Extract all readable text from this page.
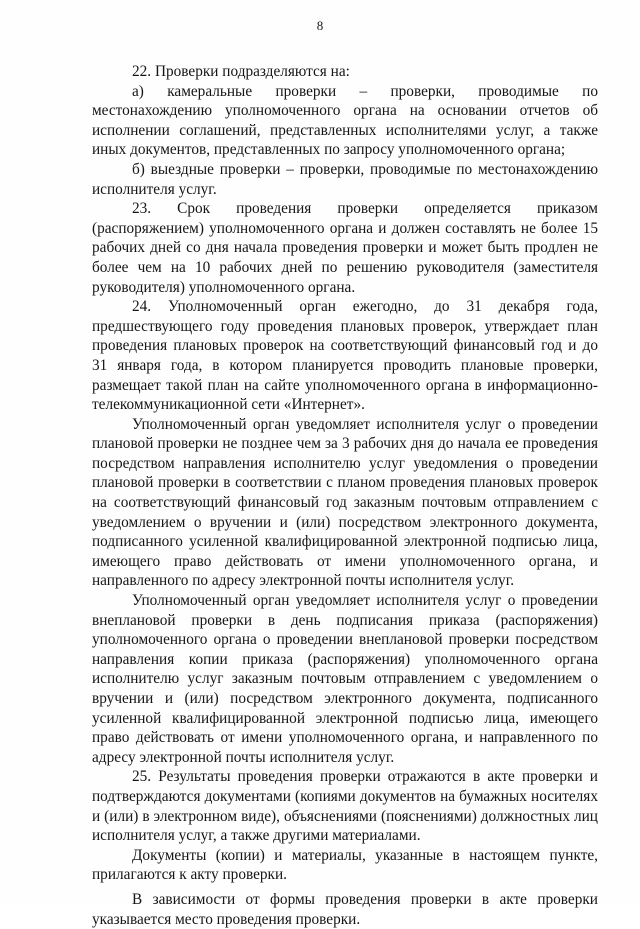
8

22. Проверки подразделяются на:

а) камеральные проверки – проверки, проводимые по местонахождению уполномоченного органа на основании отчетов об исполнении соглашений, представленных исполнителями услуг, а также иных документов, представленных по запросу уполномоченного органа;

б) выездные проверки – проверки, проводимые по местонахождению исполнителя услуг.

23. Срок проведения проверки определяется приказом (распоряжением) уполномоченного органа и должен составлять не более 15 рабочих дней со дня начала проведения проверки и может быть продлен не более чем на 10 рабочих дней по решению руководителя (заместителя руководителя) уполномоченного органа.

24. Уполномоченный орган ежегодно, до 31 декабря года, предшествующего году проведения плановых проверок, утверждает план проведения плановых проверок на соответствующий финансовый год и до 31 января года, в котором планируется проводить плановые проверки, размещает такой план на сайте уполномоченного органа в информационно-телекоммуникационной сети «Интернет».

Уполномоченный орган уведомляет исполнителя услуг о проведении плановой проверки не позднее чем за 3 рабочих дня до начала ее проведения посредством направления исполнителю услуг уведомления о проведении плановой проверки в соответствии с планом проведения плановых проверок на соответствующий финансовый год заказным почтовым отправлением с уведомлением о вручении и (или) посредством электронного документа, подписанного усиленной квалифицированной электронной подписью лица, имеющего право действовать от имени уполномоченного органа, и направленного по адресу электронной почты исполнителя услуг.

Уполномоченный орган уведомляет исполнителя услуг о проведении внеплановой проверки в день подписания приказа (распоряжения) уполномоченного органа о проведении внеплановой проверки посредством направления копии приказа (распоряжения) уполномоченного органа исполнителю услуг заказным почтовым отправлением с уведомлением о вручении и (или) посредством электронного документа, подписанного усиленной квалифицированной электронной подписью лица, имеющего право действовать от имени уполномоченного органа, и направленного по адресу электронной почты исполнителя услуг.

25. Результаты проведения проверки отражаются в акте проверки и подтверждаются документами (копиями документов на бумажных носителях и (или) в электронном виде), объяснениями (пояснениями) должностных лиц исполнителя услуг, а также другими материалами.

Документы (копии) и материалы, указанные в настоящем пункте, прилагаются к акту проверки.

В зависимости от формы проведения проверки в акте проверки указывается место проведения проверки.
